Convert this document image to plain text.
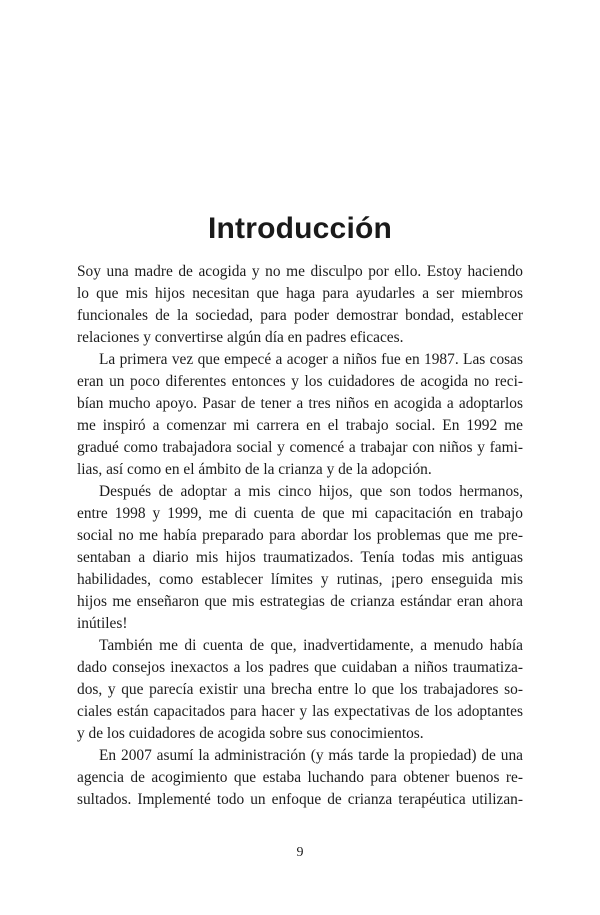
Introducción
Soy una madre de acogida y no me disculpo por ello. Estoy haciendo
lo que mis hijos necesitan que haga para ayudarles a ser miembros
funcionales de la sociedad, para poder demostrar bondad, establecer
relaciones y convertirse algún día en padres eficaces.
La primera vez que empecé a acoger a niños fue en 1987. Las cosas
eran un poco diferentes entonces y los cuidadores de acogida no reci-
bían mucho apoyo. Pasar de tener a tres niños en acogida a adoptarlos
me inspiró a comenzar mi carrera en el trabajo social. En 1992 me
gradué como trabajadora social y comencé a trabajar con niños y fami-
lias, así como en el ámbito de la crianza y de la adopción.
Después de adoptar a mis cinco hijos, que son todos hermanos,
entre 1998 y 1999, me di cuenta de que mi capacitación en trabajo
social no me había preparado para abordar los problemas que me pre-
sentaban a diario mis hijos traumatizados. Tenía todas mis antiguas
habilidades, como establecer límites y rutinas, ¡pero enseguida mis
hijos me enseñaron que mis estrategias de crianza estándar eran ahora
inútiles!
También me di cuenta de que, inadvertidamente, a menudo había
dado consejos inexactos a los padres que cuidaban a niños traumatiza-
dos, y que parecía existir una brecha entre lo que los trabajadores so-
ciales están capacitados para hacer y las expectativas de los adoptantes
y de los cuidadores de acogida sobre sus conocimientos.
En 2007 asumí la administración (y más tarde la propiedad) de una
agencia de acogimiento que estaba luchando para obtener buenos re-
sultados. Implementé todo un enfoque de crianza terapéutica utilizan-
9
